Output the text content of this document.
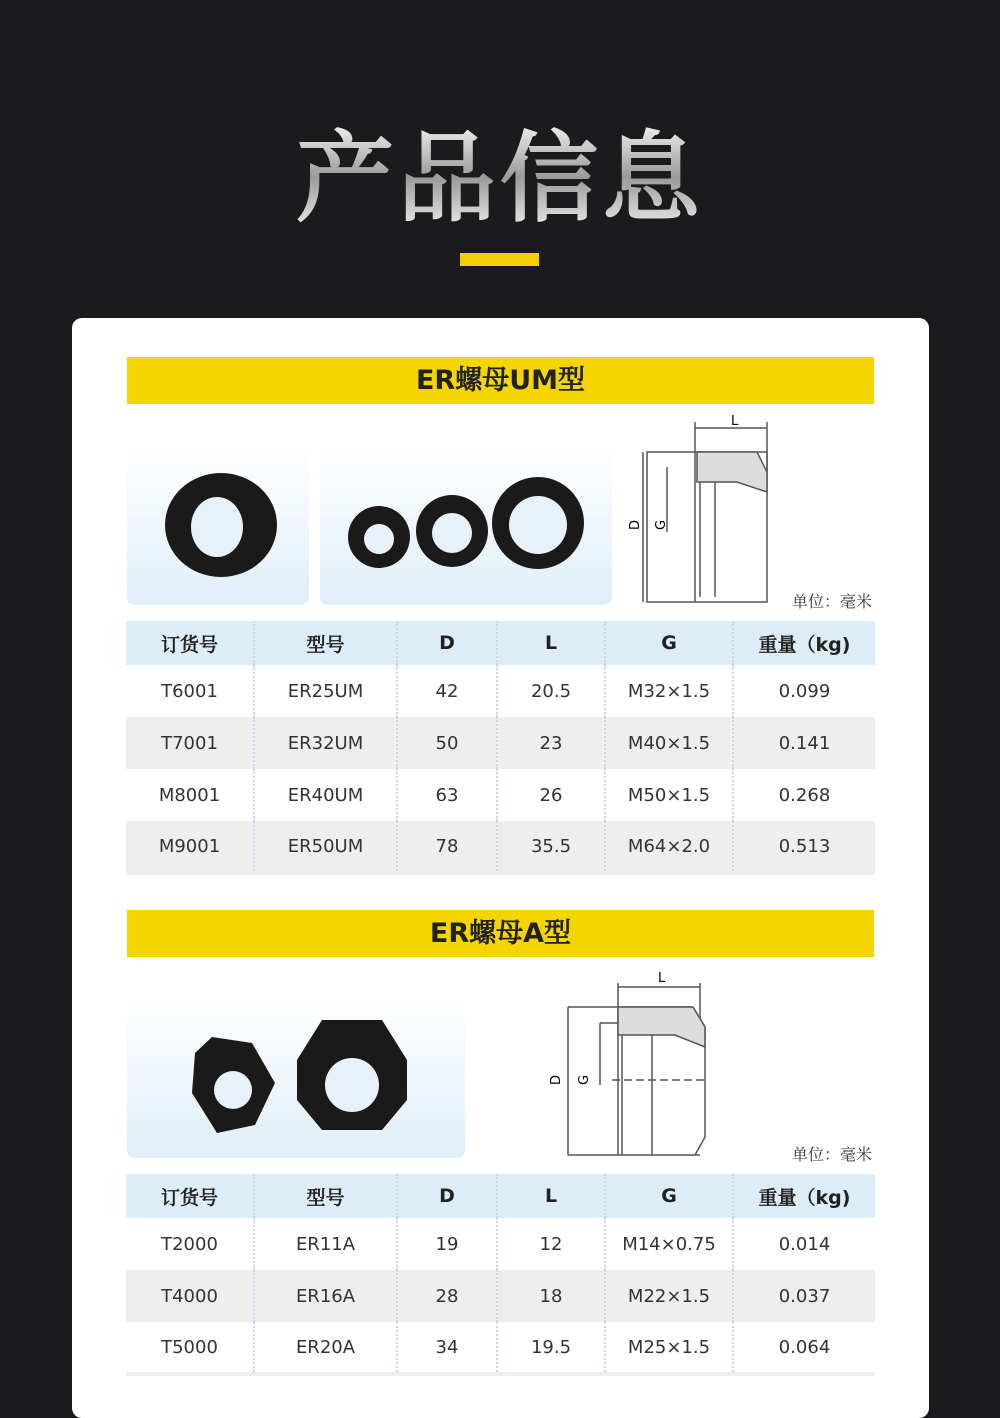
产品信息
ER螺母UM型
L
D G
单位：毫米
订货号	型号	D	L	G	重量（kg)
T6001	ER25UM	42	20.5	M32×1.5	0.099
T7001	ER32UM	50	23	M40×1.5	0.141
M8001	ER40UM	63	26	M50×1.5	0.268
M9001	ER50UM	78	35.5	M64×2.0	0.513
ER螺母A型
L
D G
单位：毫米
订货号	型号	D	L	G	重量（kg)
T2000	ER11A	19	12	M14×0.75	0.014
T4000	ER16A	28	18	M22×1.5	0.037
T5000	ER20A	34	19.5	M25×1.5	0.064
